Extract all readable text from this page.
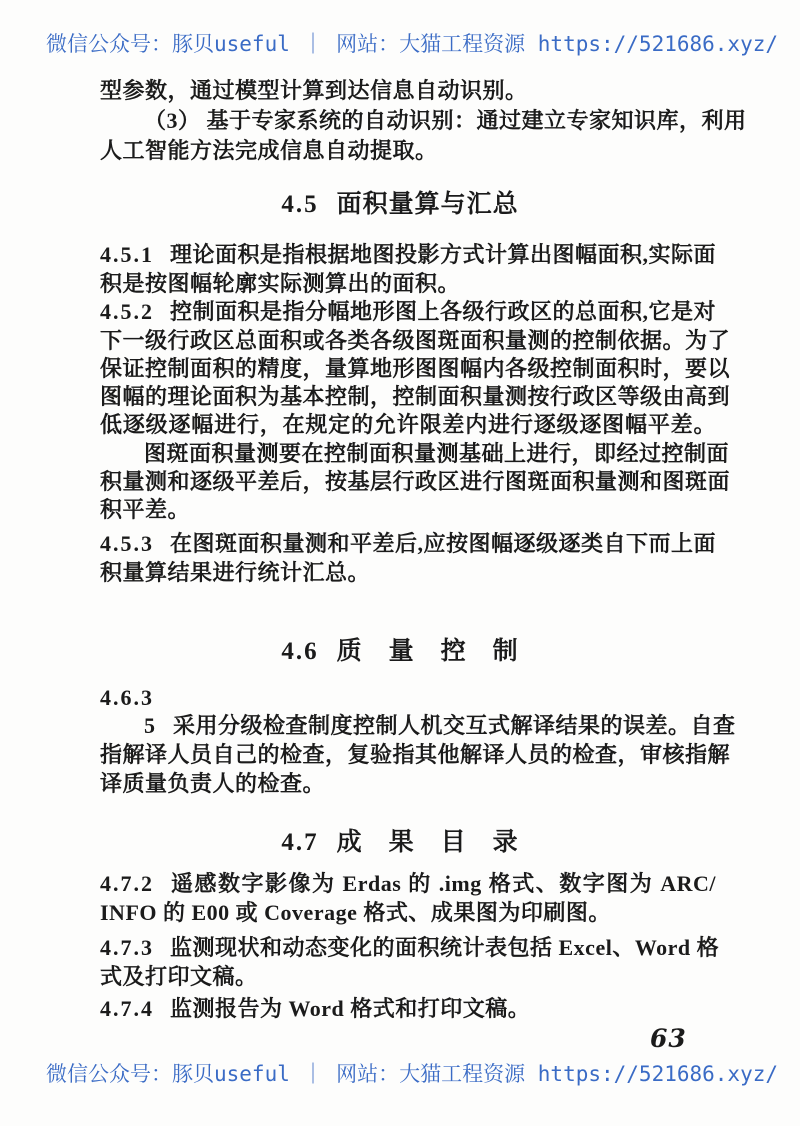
微信公众号：豚贝useful ｜ 网站：大猫工程资源 https://521686.xyz/
型参数，通过模型计算到达信息自动识别。
（3） 基于专家系统的自动识别：通过建立专家知识库，利用
人工智能方法完成信息自动提取。
4.5 面积量算与汇总
4.5.1 理论面积是指根据地图投影方式计算出图幅面积,实际面
积是按图幅轮廓实际测算出的面积。
4.5.2 控制面积是指分幅地形图上各级行政区的总面积,它是对
下一级行政区总面积或各类各级图斑面积量测的控制依据。为了
保证控制面积的精度，量算地形图图幅内各级控制面积时，要以
图幅的理论面积为基本控制，控制面积量测按行政区等级由高到
低逐级逐幅进行，在规定的允许限差内进行逐级逐图幅平差。
图斑面积量测要在控制面积量测基础上进行，即经过控制面
积量测和逐级平差后，按基层行政区进行图斑面积量测和图斑面
积平差。
4.5.3 在图斑面积量测和平差后,应按图幅逐级逐类自下而上面
积量算结果进行统计汇总。
4.6 质　量　控　制
4.6.3
5 采用分级检查制度控制人机交互式解译结果的误差。自查
指解译人员自己的检查，复验指其他解译人员的检查，审核指解
译质量负责人的检查。
4.7 成　果　目　录
4.7.2 遥感数字影像为 Erdas 的 .img 格式、数字图为 ARC/
INFO 的 E00 或 Coverage 格式、成果图为印刷图。
4.7.3 监测现状和动态变化的面积统计表包括 Excel、Word 格
式及打印文稿。
4.7.4 监测报告为 Word 格式和打印文稿。
63
微信公众号：豚贝useful ｜ 网站：大猫工程资源 https://521686.xyz/
